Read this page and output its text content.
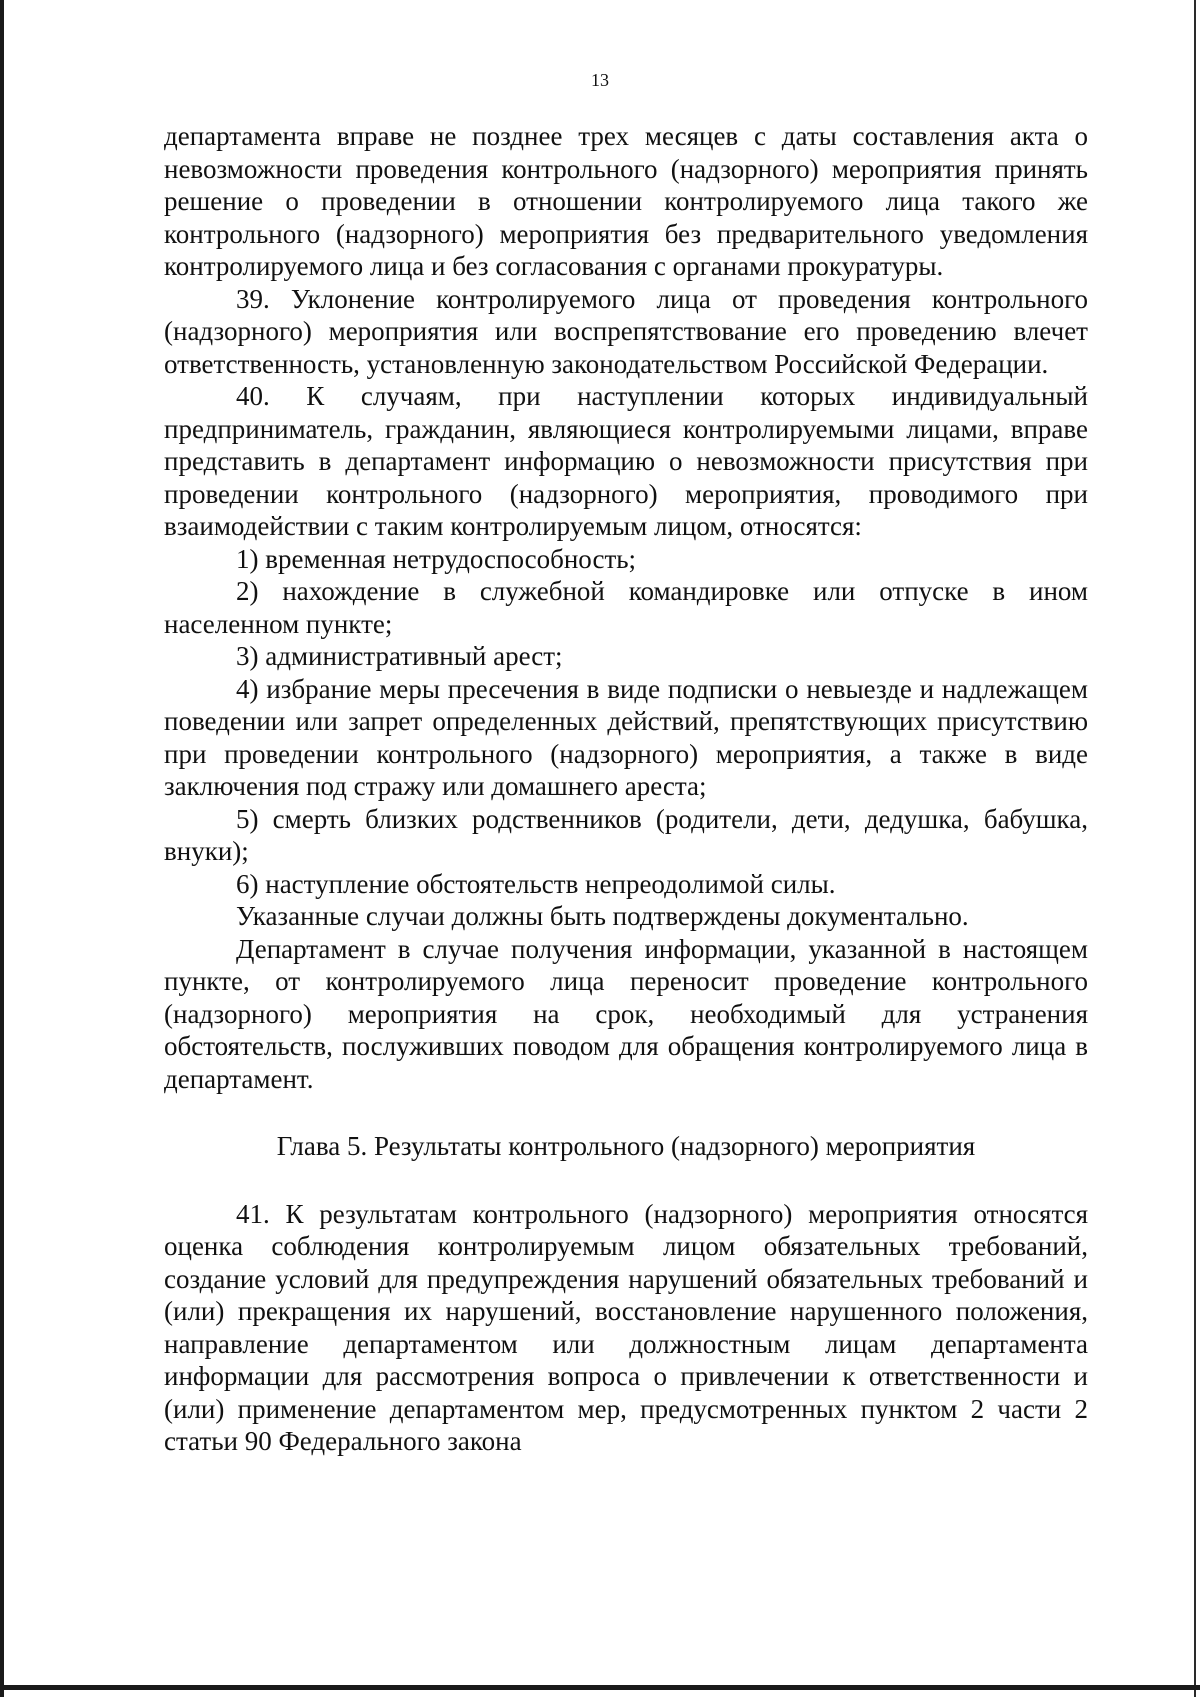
13

департамента вправе не позднее трех месяцев с даты составления акта о невозможности проведения контрольного (надзорного) мероприятия принять решение о проведении в отношении контролируемого лица такого же контрольного (надзорного) мероприятия без предварительного уведомления контролируемого лица и без согласования с органами прокуратуры.

39. Уклонение контролируемого лица от проведения контрольного (надзорного) мероприятия или воспрепятствование его проведению влечет ответственность, установленную законодательством Российской Федерации.

40. К случаям, при наступлении которых индивидуальный предприниматель, гражданин, являющиеся контролируемыми лицами, вправе представить в департамент информацию о невозможности присутствия при проведении контрольного (надзорного) мероприятия, проводимого при взаимодействии с таким контролируемым лицом, относятся:

1) временная нетрудоспособность;

2) нахождение в служебной командировке или отпуске в ином населенном пункте;

3) административный арест;

4) избрание меры пресечения в виде подписки о невыезде и надлежащем поведении или запрет определенных действий, препятствующих присутствию при проведении контрольного (надзорного) мероприятия, а также в виде заключения под стражу или домашнего ареста;

5) смерть близких родственников (родители, дети, дедушка, бабушка, внуки);

6) наступление обстоятельств непреодолимой силы.

Указанные случаи должны быть подтверждены документально.

Департамент в случае получения информации, указанной в настоящем пункте, от контролируемого лица переносит проведение контрольного (надзорного) мероприятия на срок, необходимый для устранения обстоятельств, послуживших поводом для обращения контролируемого лица в департамент.

Глава 5. Результаты контрольного (надзорного) мероприятия

41. К результатам контрольного (надзорного) мероприятия относятся оценка соблюдения контролируемым лицом обязательных требований, создание условий для предупреждения нарушений обязательных требований и (или) прекращения их нарушений, восстановление нарушенного положения, направление департаментом или должностным лицам департамента информации для рассмотрения вопроса о привлечении к ответственности и (или) применение департаментом мер, предусмотренных пунктом 2 части 2 статьи 90 Федерального закона
